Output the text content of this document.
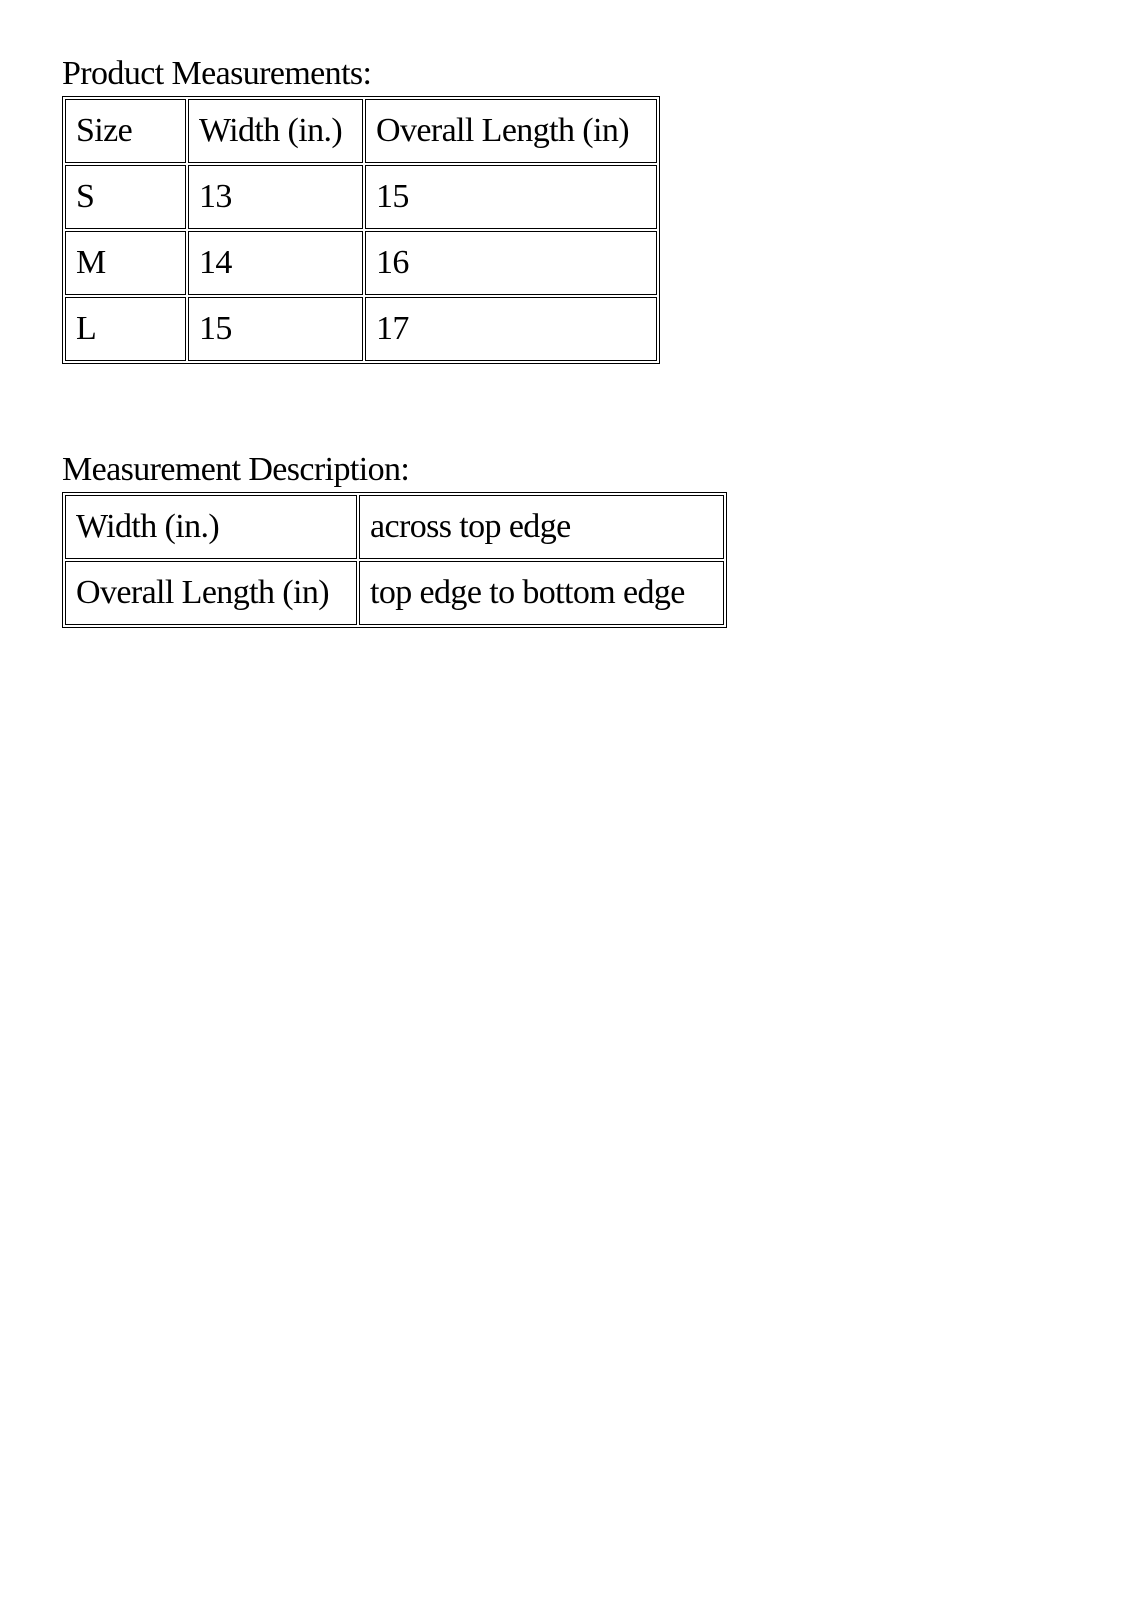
Product Measurements:
Size	Width (in.)	Overall Length (in)
S	13	15
M	14	16
L	15	17
Measurement Description:
Width (in.)	across top edge
Overall Length (in)	top edge to bottom edge
